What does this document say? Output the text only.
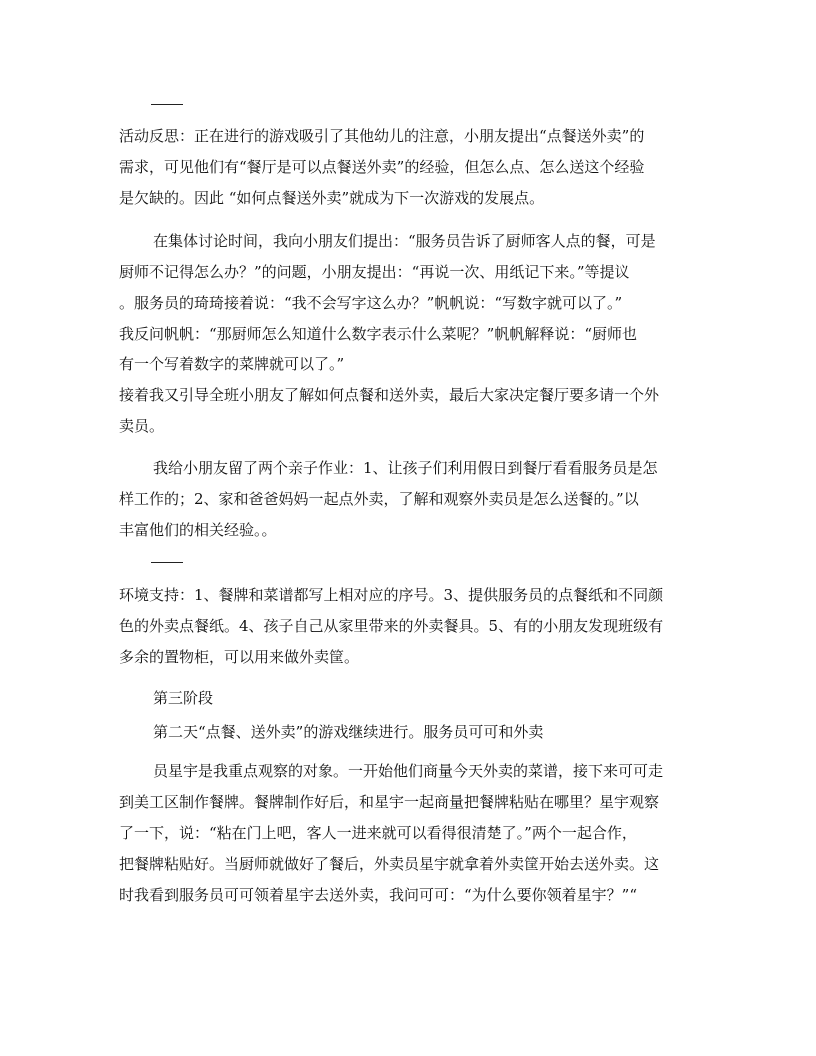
活动反思：正在进行的游戏吸引了其他幼儿的注意，小朋友提出“点餐送外卖”的
需求，可见他们有“餐厅是可以点餐送外卖”的经验，但怎么点、怎么送这个经验
是欠缺的。因此 “如何点餐送外卖”就成为下一次游戏的发展点。
在集体讨论时间，我向小朋友们提出：“服务员告诉了厨师客人点的餐，可是
厨师不记得怎么办？”的问题，小朋友提出：“再说一次、用纸记下来。”等提议
。服务员的琦琦接着说：“我不会写字这么办？”帆帆说：“写数字就可以了。”
我反问帆帆：“那厨师怎么知道什么数字表示什么菜呢？”帆帆解释说：“厨师也
有一个写着数字的菜牌就可以了。”
接着我又引导全班小朋友了解如何点餐和送外卖，最后大家决定餐厅要多请一个外
卖员。
我给小朋友留了两个亲子作业：1、让孩子们利用假日到餐厅看看服务员是怎
样工作的；2、家和爸爸妈妈一起点外卖，了解和观察外卖员是怎么送餐的。”以
丰富他们的相关经验。。
环境支持：1、餐牌和菜谱都写上相对应的序号。3、提供服务员的点餐纸和不同颜
色的外卖点餐纸。4、孩子自己从家里带来的外卖餐具。5、有的小朋友发现班级有
多余的置物柜，可以用来做外卖筐。
第三阶段
第二天“点餐、送外卖”的游戏继续进行。服务员可可和外卖
员星宇是我重点观察的对象。一开始他们商量今天外卖的菜谱，接下来可可走
到美工区制作餐牌。餐牌制作好后，和星宇一起商量把餐牌粘贴在哪里？星宇观察
了一下，说：“粘在门上吧，客人一进来就可以看得很清楚了。”两个一起合作，
把餐牌粘贴好。当厨师就做好了餐后，外卖员星宇就拿着外卖筐开始去送外卖。这
时我看到服务员可可领着星宇去送外卖，我问可可：“为什么要你领着星宇？”“
